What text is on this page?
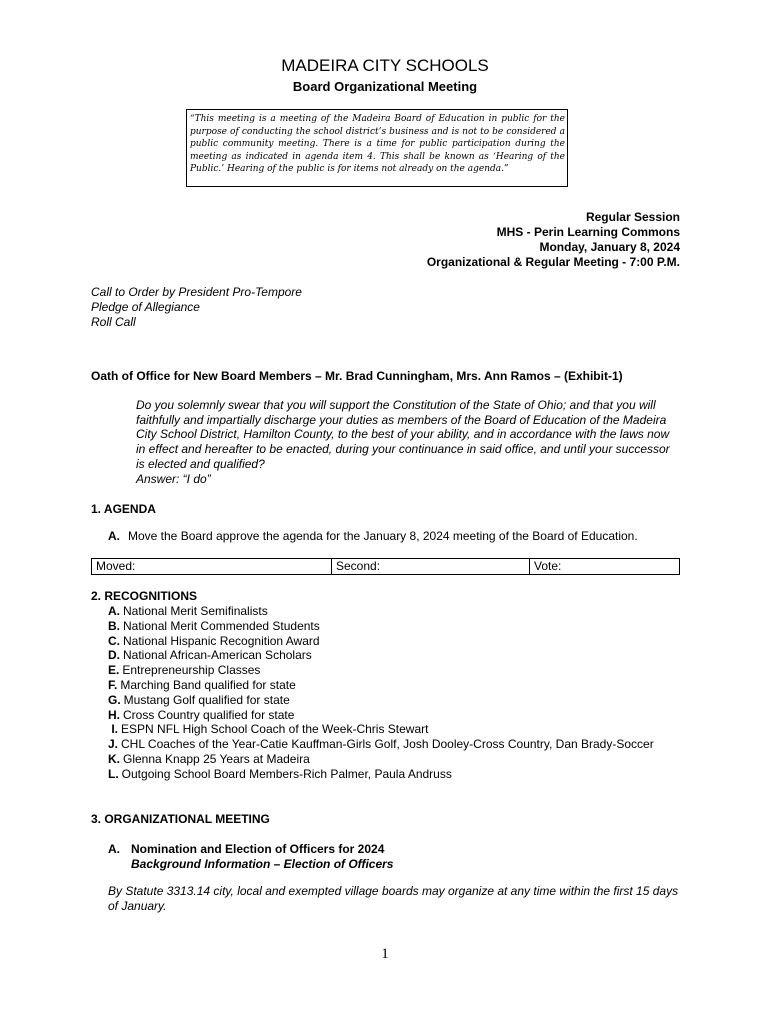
MADEIRA CITY SCHOOLS
Board Organizational Meeting
“This meeting is a meeting of the Madeira Board of Education in public for the purpose of conducting the school district’s business and is not to be considered a public community meeting. There is a time for public participation during the meeting as indicated in agenda item 4. This shall be known as ‘Hearing of the Public.’ Hearing of the public is for items not already on the agenda.”
Regular Session
MHS - Perin Learning Commons
Monday, January 8, 2024
Organizational & Regular Meeting - 7:00 P.M.
Call to Order by President Pro-Tempore
Pledge of Allegiance
Roll Call
Oath of Office for New Board Members – Mr. Brad Cunningham, Mrs. Ann Ramos – (Exhibit-1)
Do you solemnly swear that you will support the Constitution of the State of Ohio; and that you will faithfully and impartially discharge your duties as members of the Board of Education of the Madeira City School District, Hamilton County, to the best of your ability, and in accordance with the laws now in effect and hereafter to be enacted, during your continuance in said office, and until your successor is elected and qualified?
Answer: “I do”
1. AGENDA
A. Move the Board approve the agenda for the January 8, 2024 meeting of the Board of Education.
Moved:	Second:	Vote:
2. RECOGNITIONS
A. National Merit Semifinalists
B. National Merit Commended Students
C. National Hispanic Recognition Award
D. National African-American Scholars
E. Entrepreneurship Classes
F. Marching Band qualified for state
G. Mustang Golf qualified for state
H. Cross Country qualified for state
I. ESPN NFL High School Coach of the Week-Chris Stewart
J. CHL Coaches of the Year-Catie Kauffman-Girls Golf, Josh Dooley-Cross Country, Dan Brady-Soccer
K. Glenna Knapp 25 Years at Madeira
L. Outgoing School Board Members-Rich Palmer, Paula Andruss
3. ORGANIZATIONAL MEETING
A. Nomination and Election of Officers for 2024
Background Information – Election of Officers
By Statute 3313.14 city, local and exempted village boards may organize at any time within the first 15 days of January.
1
